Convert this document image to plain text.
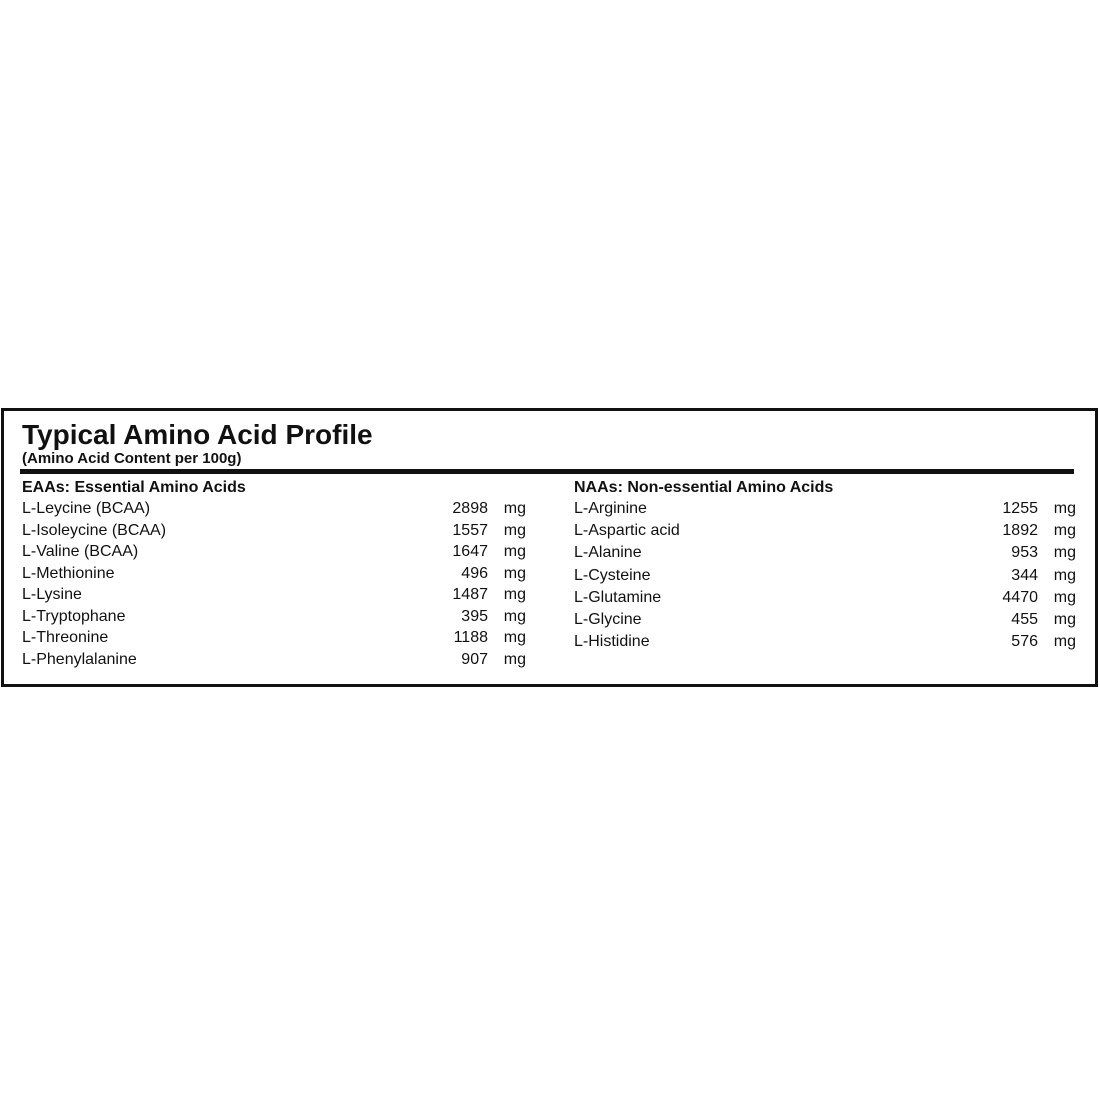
Typical Amino Acid Profile
(Amino Acid Content per 100g)
EAAs: Essential Amino Acids
L-Leycine (BCAA)	2898 mg
L-Isoleycine (BCAA)	1557 mg
L-Valine (BCAA)	1647 mg
L-Methionine	496 mg
L-Lysine	1487 mg
L-Tryptophane	395 mg
L-Threonine	1188 mg
L-Phenylalanine	907 mg
NAAs: Non-essential Amino Acids
L-Arginine	1255 mg
L-Aspartic acid	1892 mg
L-Alanine	953 mg
L-Cysteine	344 mg
L-Glutamine	4470 mg
L-Glycine	455 mg
L-Histidine	576 mg
